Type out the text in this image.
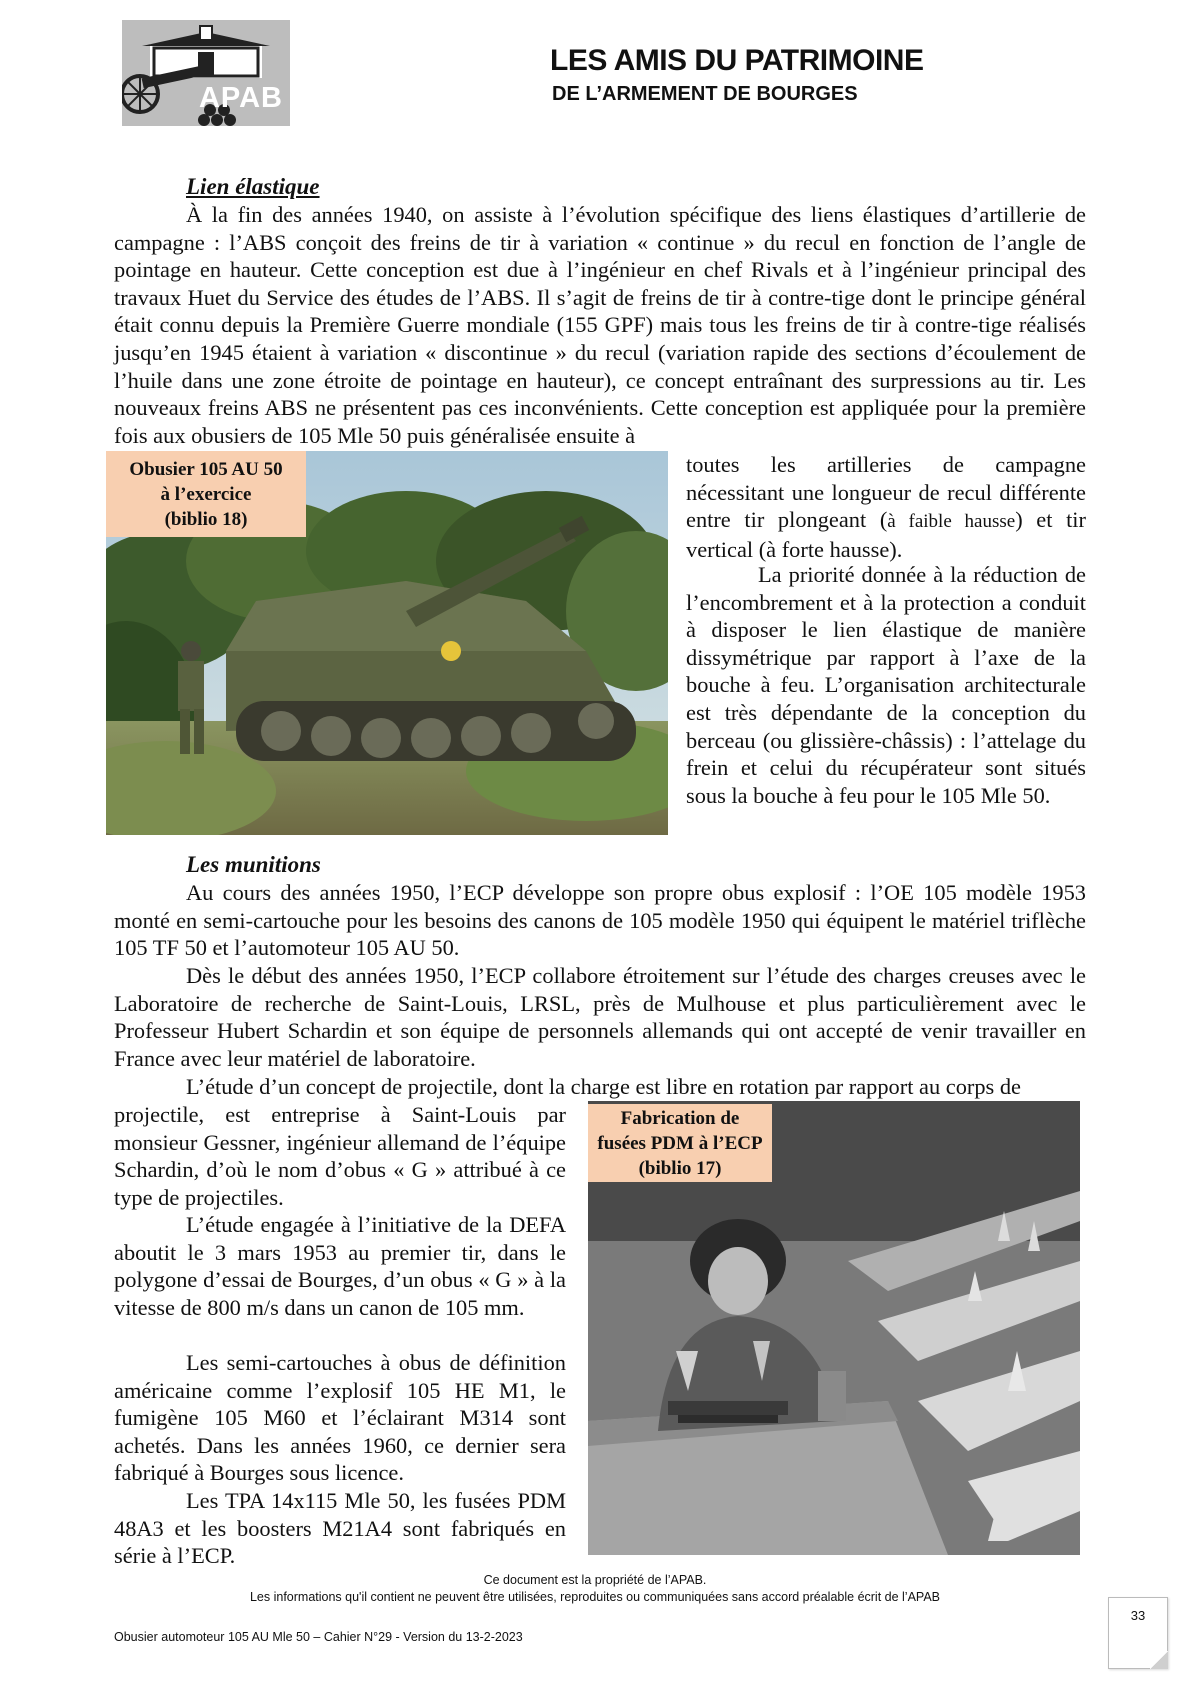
APAB
LES AMIS DU PATRIMOINE
DE L’ARMEMENT DE BOURGES
Lien élastique

À la fin des années 1940, on assiste à l’évolution spécifique des liens élastiques d’artillerie de campagne : l’ABS conçoit des freins de tir à variation « continue » du recul en fonction de l’angle de pointage en hauteur. Cette conception est due à l’ingénieur en chef Rivals et à l’ingénieur principal des travaux Huet du Service des études de l’ABS. Il s’agit de freins de tir à contre-tige dont le principe général était connu depuis la Première Guerre mondiale (155 GPF) mais tous les freins de tir à contre-tige réalisés jusqu’en 1945 étaient à variation « discontinue » du recul (variation rapide des sections d’écoulement de l’huile dans une zone étroite de pointage en hauteur), ce concept entraînant des surpressions au tir. Les nouveaux freins ABS ne présentent pas ces inconvénients. Cette conception est appliquée pour la première fois aux obusiers de 105 Mle 50 puis généralisée ensuite à

toutes les artilleries de campagne nécessitant une longueur de recul différente entre tir plongeant (à faible hausse) et tir vertical (à forte hausse).

La priorité donnée à la réduction de l’encombrement et à la protection a conduit à disposer le lien élastique de manière dissymétrique par rapport à l’axe de la bouche à feu. L’organisation architecturale est très dépendante de la conception du berceau (ou glissière-châssis) : l’attelage du frein et celui du récupérateur sont situés sous la bouche à feu pour le 105 Mle 50.

Obusier 105 AU 50
à l’exercice
(biblio 18)
Les munitions

Au cours des années 1950, l’ECP développe son propre obus explosif : l’OE 105 modèle 1953 monté en semi-cartouche pour les besoins des canons de 105 modèle 1950 qui équipent le matériel triflèche 105 TF 50 et l’automoteur 105 AU 50.

Dès le début des années 1950, l’ECP collabore étroitement sur l’étude des charges creuses avec le Laboratoire de recherche de Saint-Louis, LRSL, près de Mulhouse et plus particulièrement avec le Professeur Hubert Schardin et son équipe de personnels allemands qui ont accepté de venir travailler en France avec leur matériel de laboratoire.

L’étude d’un concept de projectile, dont la charge est libre en rotation par rapport au corps de

projectile, est entreprise à Saint-Louis par monsieur Gessner, ingénieur allemand de l’équipe Schardin, d’où le nom d’obus « G » attribué à ce type de projectiles.

L’étude engagée à l’initiative de la DEFA aboutit le 3 mars 1953 au premier tir, dans le polygone d’essai de Bourges, d’un obus « G » à la vitesse de 800 m/s dans un canon de 105 mm.

Les semi-cartouches à obus de définition américaine comme l’explosif 105 HE M1, le fumigène 105 M60 et l’éclairant M314 sont achetés. Dans les années 1960, ce dernier sera fabriqué à Bourges sous licence.

Les TPA 14x115 Mle 50, les fusées PDM 48A3 et les boosters M21A4 sont fabriqués en série à l’ECP.

Fabrication de
fusées PDM à l’ECP
(biblio 17)
Ce document est la propriété de l’APAB.
Les informations qu'il contient ne peuvent être utilisées, reproduites ou communiquées sans accord préalable écrit de l’APAB
Obusier automoteur 105 AU Mle 50 – Cahier N°29 - Version du 13-2-2023
33
